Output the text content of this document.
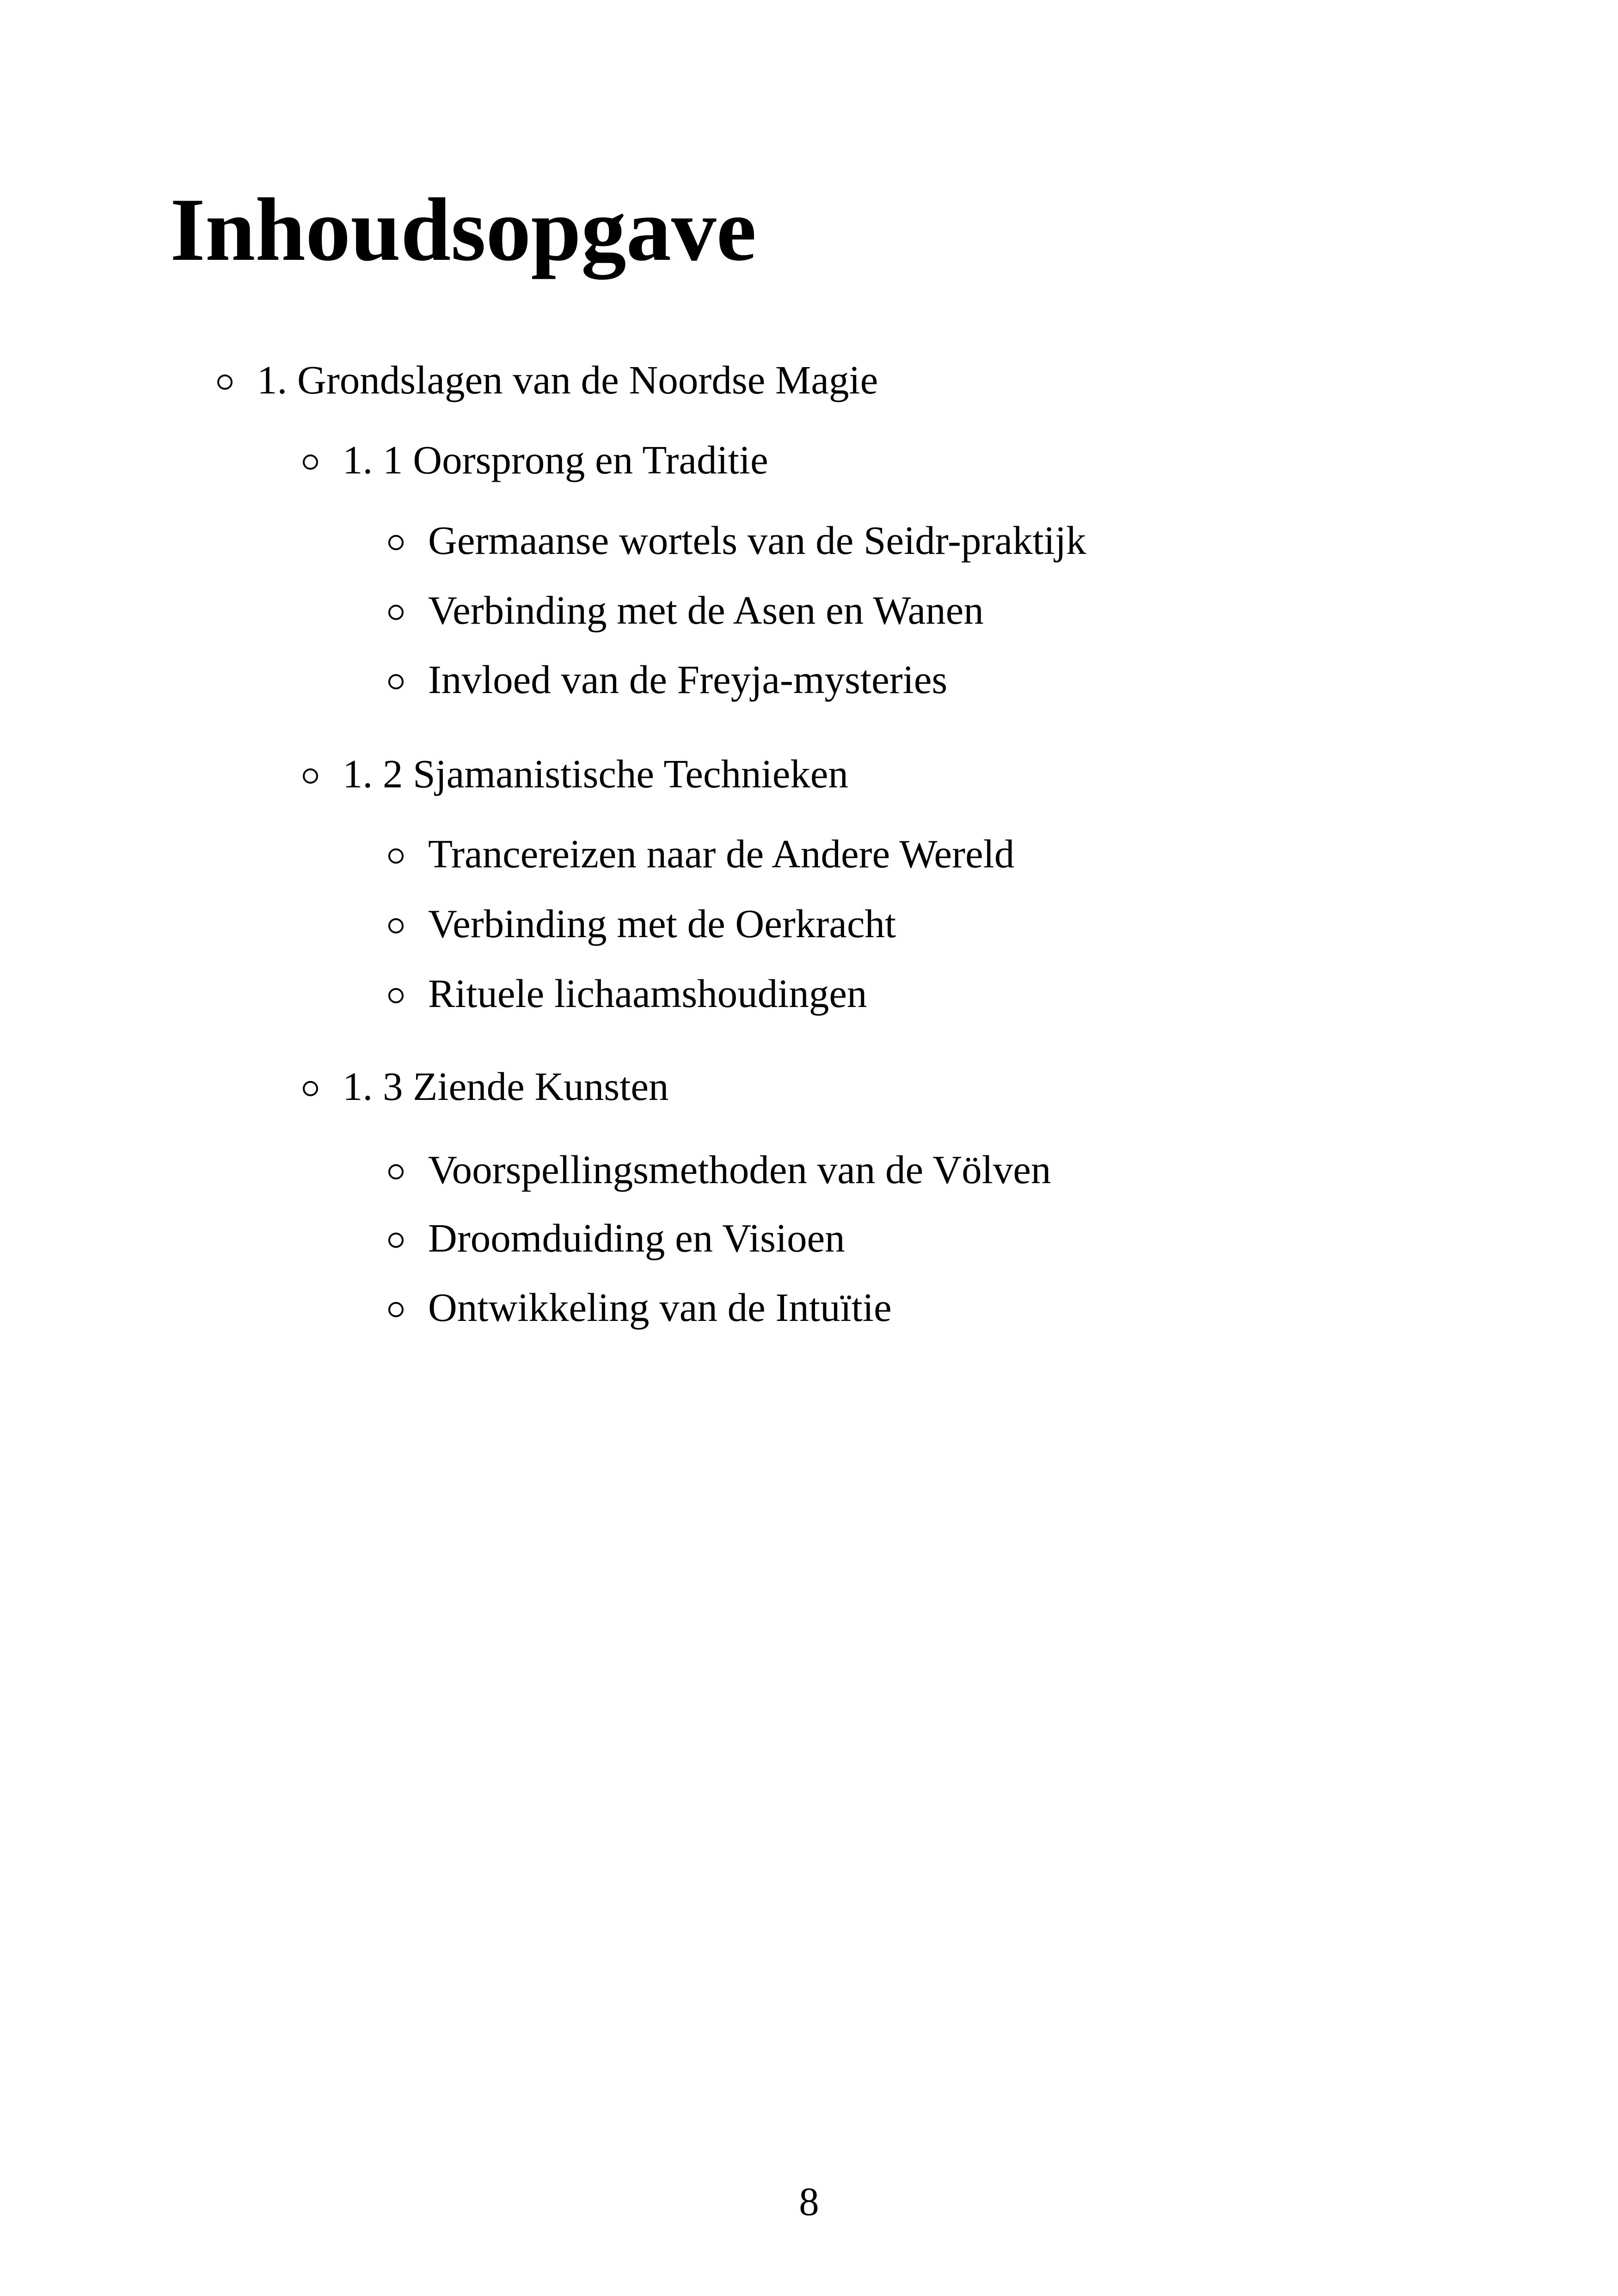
Inhoudsopgave
1. Grondslagen van de Noordse Magie
1. 1 Oorsprong en Traditie
Germaanse wortels van de Seidr-praktijk
Verbinding met de Asen en Wanen
Invloed van de Freyja-mysteries
1. 2 Sjamanistische Technieken
Trancereizen naar de Andere Wereld
Verbinding met de Oerkracht
Rituele lichaamshoudingen
1. 3 Ziende Kunsten
Voorspellingsmethoden van de Völven
Droomduiding en Visioen
Ontwikkeling van de Intuïtie
8
